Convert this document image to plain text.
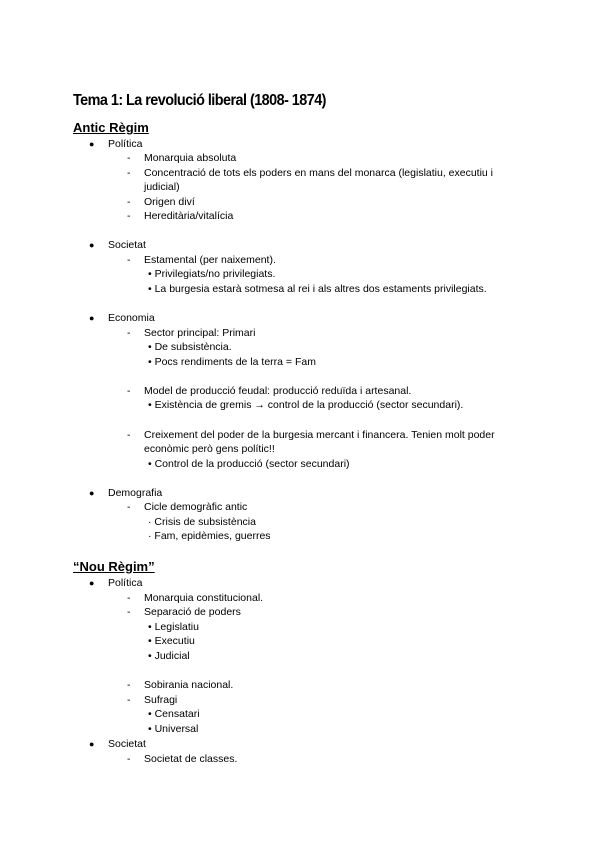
Tema 1: La revolució liberal (1808- 1874)
Antic Règim
● Política
- Monarquia absoluta
- Concentració de tots els poders en mans del monarca (legislatiu, executiu i
judicial)
- Origen diví
- Hereditària/vitalícia
● Societat
- Estamental (per naixement).
• Privilegiats/no privilegiats.
• La burgesia estarà sotmesa al rei i als altres dos estaments privilegiats.
● Economia
- Sector principal: Primari
• De subsistència.
• Pocs rendiments de la terra = Fam
- Model de producció feudal: producció reduïda i artesanal.
• Existència de gremis → control de la producció (sector secundari).
- Creixement del poder de la burgesia mercant i financera. Tenien molt poder
econòmic però gens polític!!
• Control de la producció (sector secundari)
● Demografia
- Cicle demogràfic antic
· Crisis de subsistència
· Fam, epidèmies, guerres
“Nou Règim”
● Política
- Monarquia constitucional.
- Separació de poders
• Legislatiu
• Executiu
• Judicial
- Sobirania nacional.
- Sufragi
• Censatari
• Universal
● Societat
- Societat de classes.
